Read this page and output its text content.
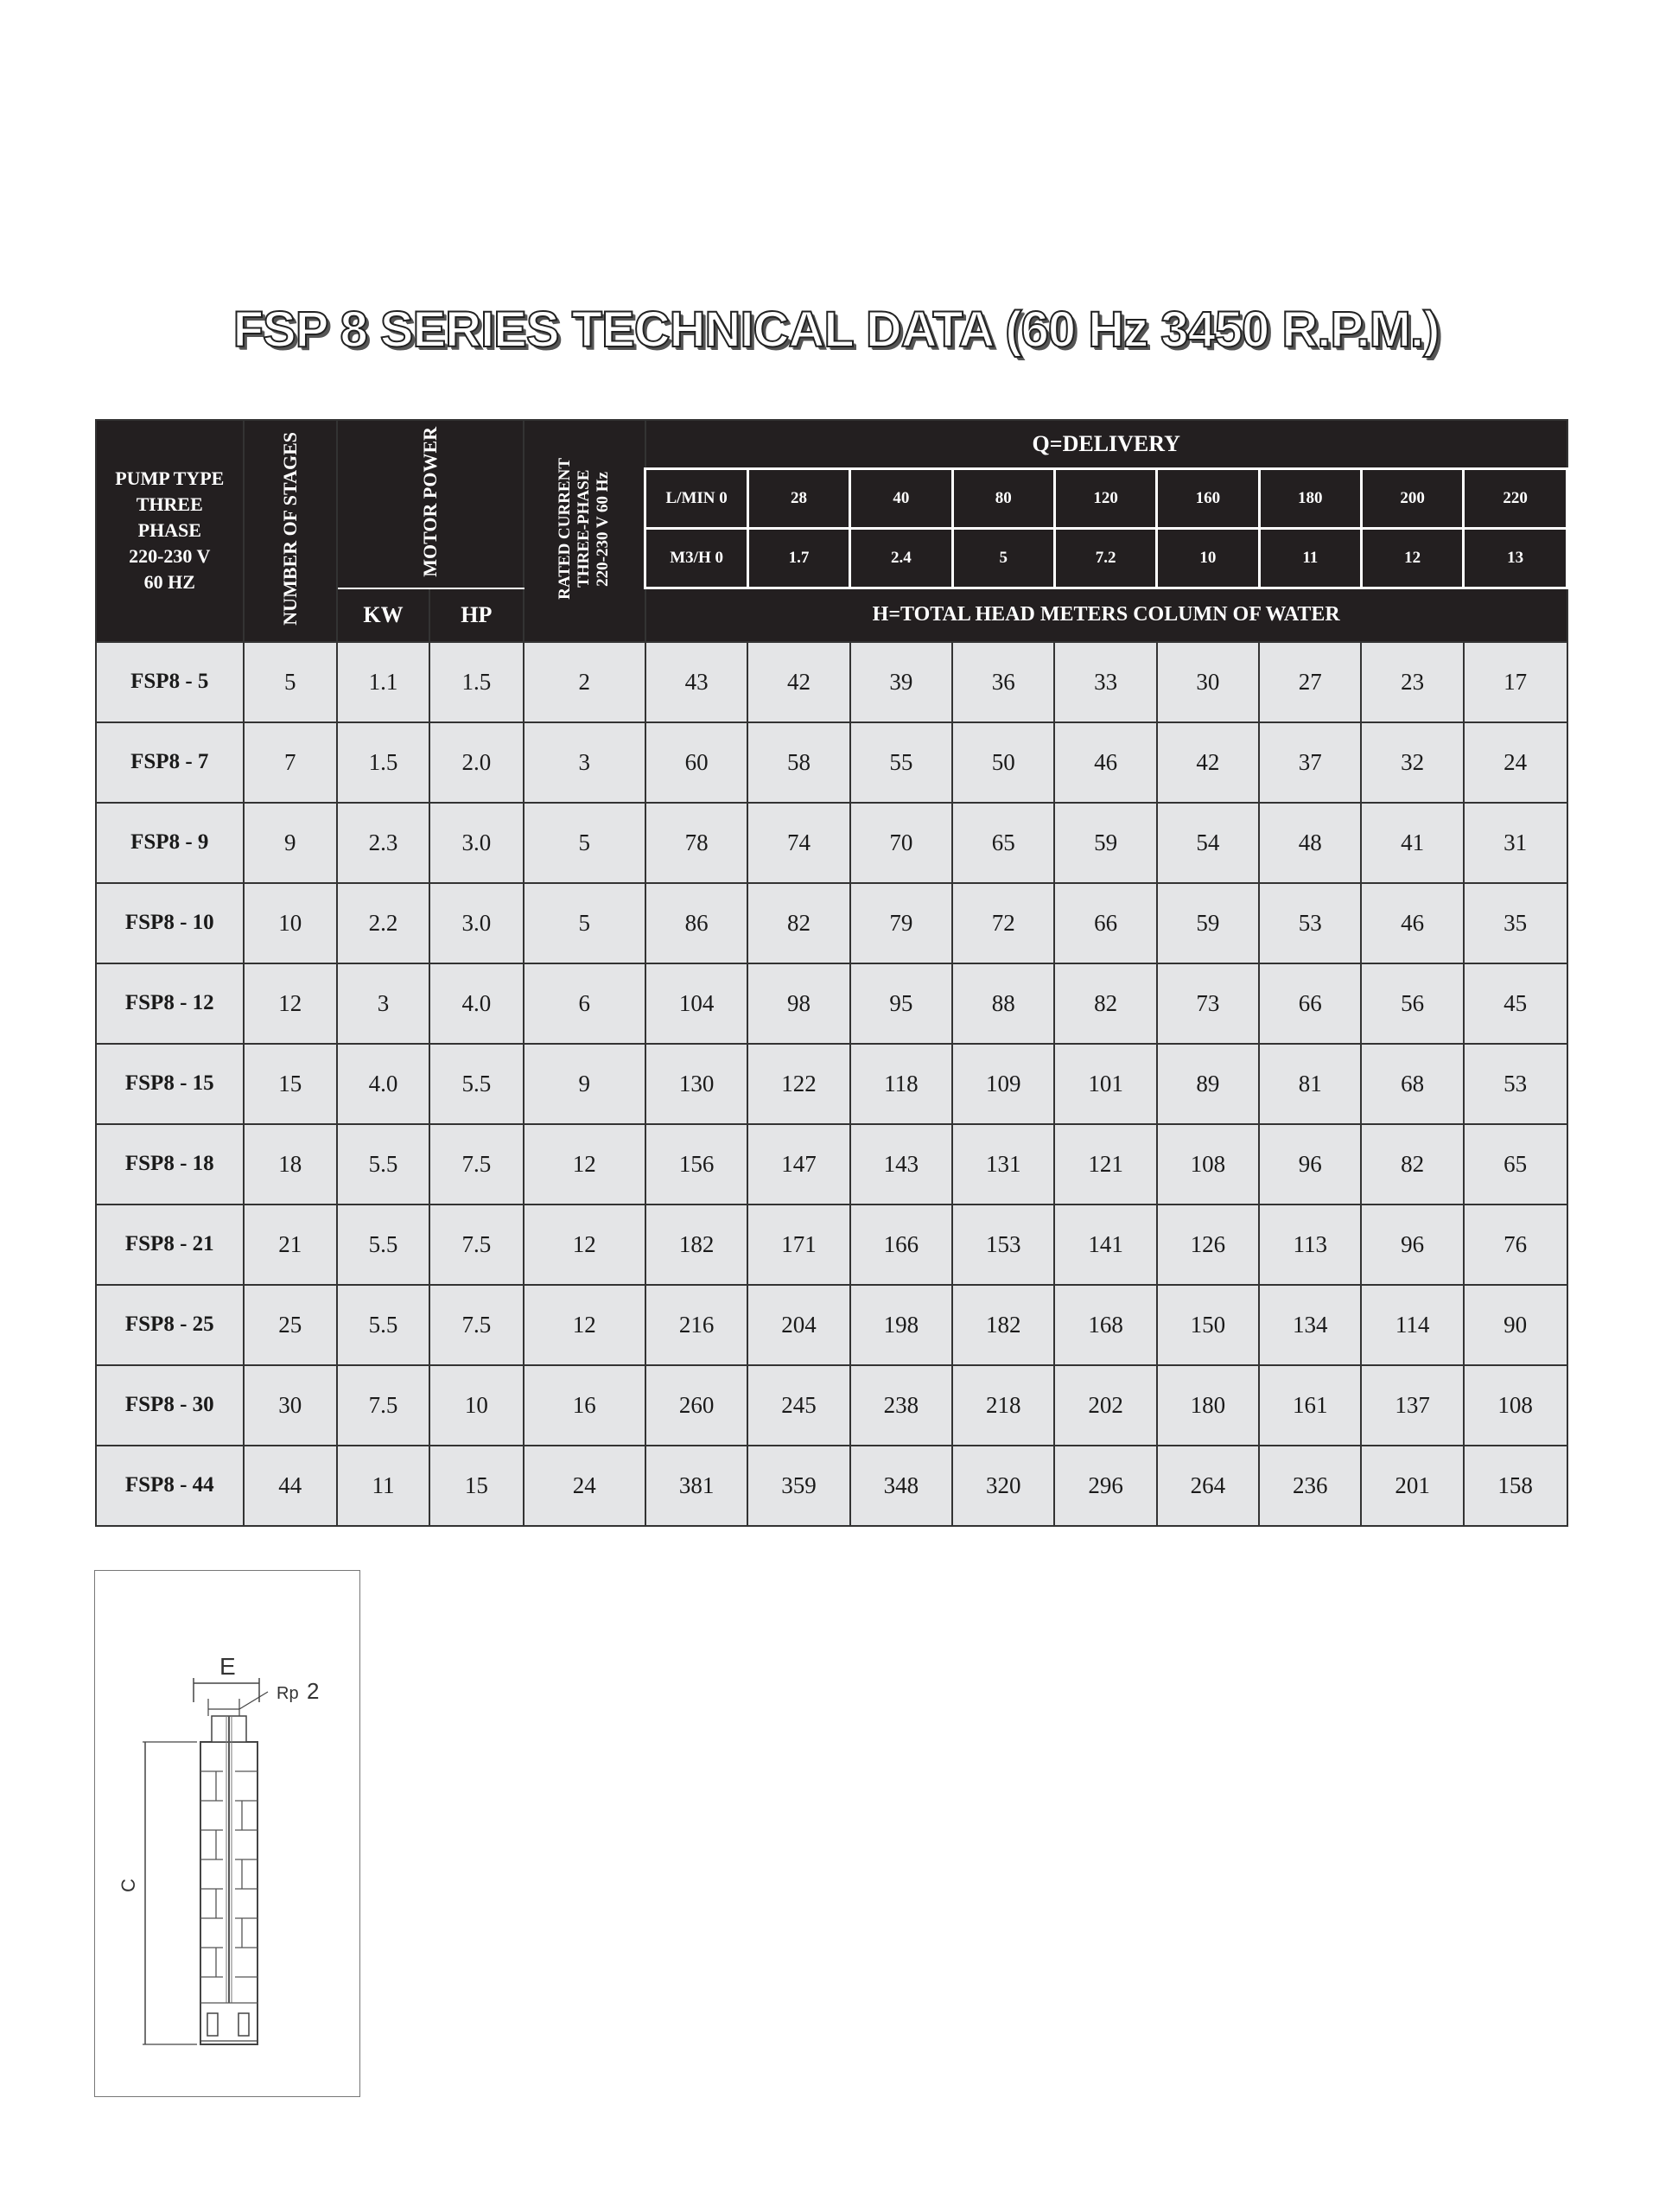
FSP 8 SERIES TECHNICAL DATA (60 Hz 3450 R.P.M.)
PUMP TYPE
THREE
PHASE
220-230 V
60 HZ	NUMBER OF STAGES	MOTOR POWER		RATED CURRENT
THREE-PHASE
220-230 V 60 Hz	Q=DELIVERY								
					L/MIN 0	28	40	80	120	160	180	200	220
					M3/H 0	1.7	2.4	5	7.2	10	11	12	13
		KW	HP		H=TOTAL HEAD METERS COLUMN OF WATER								
FSP8 - 5	5	1.1	1.5	2	43	42	39	36	33	30	27	23	17
FSP8 - 7	7	1.5	2.0	3	60	58	55	50	46	42	37	32	24
FSP8 - 9	9	2.3	3.0	5	78	74	70	65	59	54	48	41	31
FSP8 - 10	10	2.2	3.0	5	86	82	79	72	66	59	53	46	35
FSP8 - 12	12	3	4.0	6	104	98	95	88	82	73	66	56	45
FSP8 - 15	15	4.0	5.5	9	130	122	118	109	101	89	81	68	53
FSP8 - 18	18	5.5	7.5	12	156	147	143	131	121	108	96	82	65
FSP8 - 21	21	5.5	7.5	12	182	171	166	153	141	126	113	96	76
FSP8 - 25	25	5.5	7.5	12	216	204	198	182	168	150	134	114	90
FSP8 - 30	30	7.5	10	16	260	245	238	218	202	180	161	137	108
FSP8 - 44	44	11	15	24	381	359	348	320	296	264	236	201	158
E
Rp 2
C
